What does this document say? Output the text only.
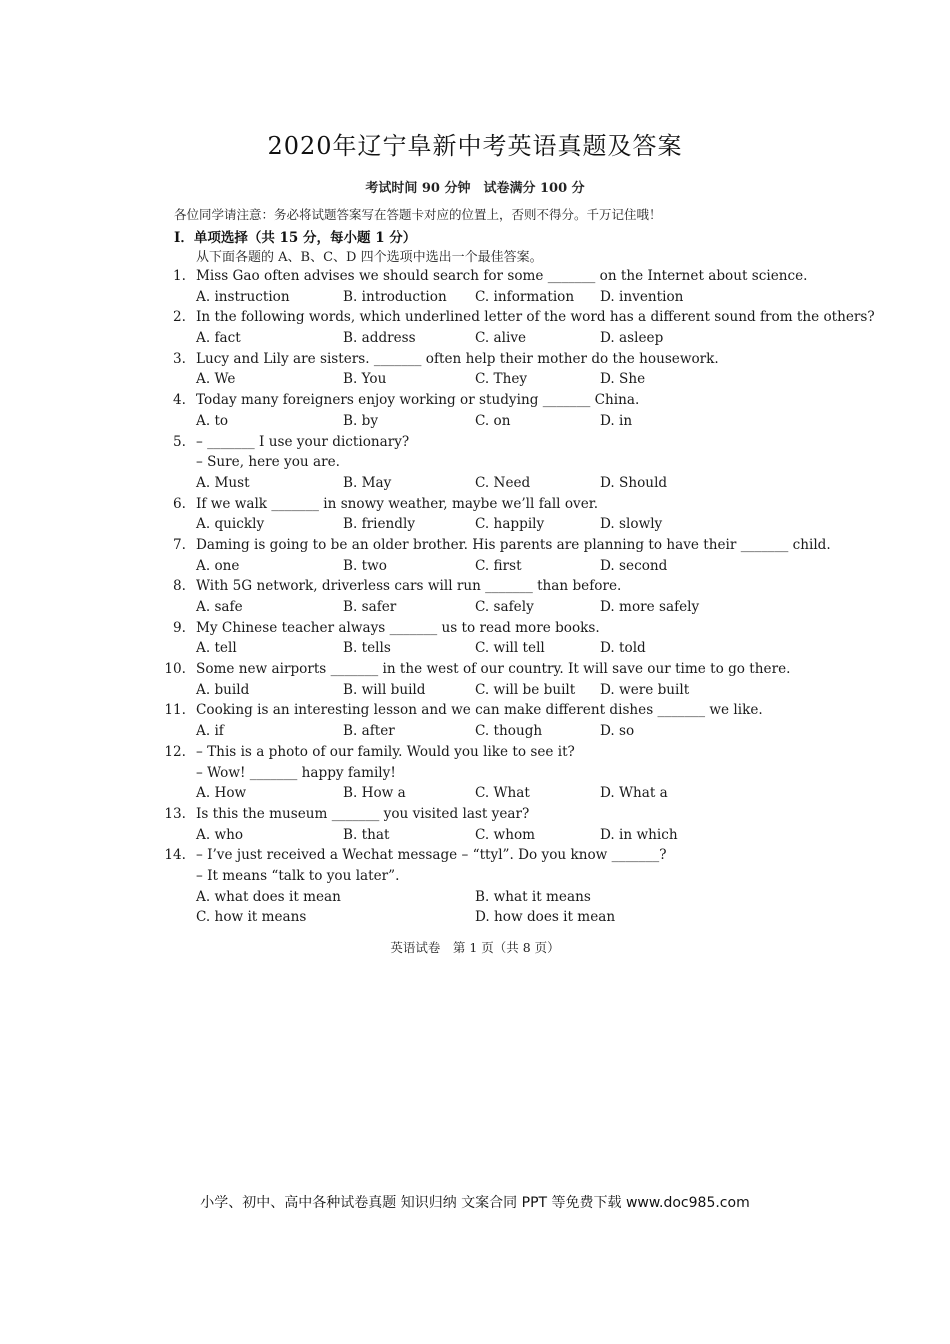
2020年辽宁阜新中考英语真题及答案
考试时间 90 分钟　试卷满分 100 分
各位同学请注意：务必将试题答案写在答题卡对应的位置上，否则不得分。千万记住哦！
Ⅰ．单项选择（共 15 分，每小题 1 分）
从下面各题的 A、B、C、D 四个选项中选出一个最佳答案。
1. Miss Gao often advises we should search for some _______ on the Internet about science.
A. instruction	B. introduction C. information D. invention
2. In the following words, which underlined letter of the word has a different sound from the others?
A. fact	B. address	C. alive	D. asleep
3. Lucy and Lily are sisters. _______ often help their mother do the housework.
A. We	B. You	C. They	D. She
4. Today many foreigners enjoy working or studying _______ China.
A. to	B. by	C. on	D. in
5. – _______ I use your dictionary?
– Sure, here you are.
A. Must	B. May	C. Need	D. Should
6. If we walk _______ in snowy weather, maybe we’ll fall over.
A. quickly	B. friendly	C. happily	D. slowly
7. Daming is going to be an older brother. His parents are planning to have their _______ child.
A. one	B. two	C. first	D. second
8. With 5G network, driverless cars will run _______ than before.
A. safe	B. safer	C. safely	D. more safely
9. My Chinese teacher always _______ us to read more books.
A. tell	B. tells	C. will tell	D. told
10. Some new airports _______ in the west of our country. It will save our time to go there.
A. build	B. will build	C. will be built D. were built
11. Cooking is an interesting lesson and we can make different dishes _______ we like.
A. if	B. after	C. though	D. so
12. – This is a photo of our family. Would you like to see it?
– Wow! _______ happy family!
A. How	B. How a	C. What	D. What a
13. Is this the museum _______ you visited last year?
A. who	B. that	C. whom	D. in which
14. – I’ve just received a Wechat message – “ttyl”. Do you know _______?
– It means “talk to you later”.
A. what does it mean	B. what it means
C. how it means	D. how does it mean
英语试卷　第 1 页（共 8 页）
小学、初中、高中各种试卷真题 知识归纳 文案合同 PPT 等免费下载 www.doc985.com
